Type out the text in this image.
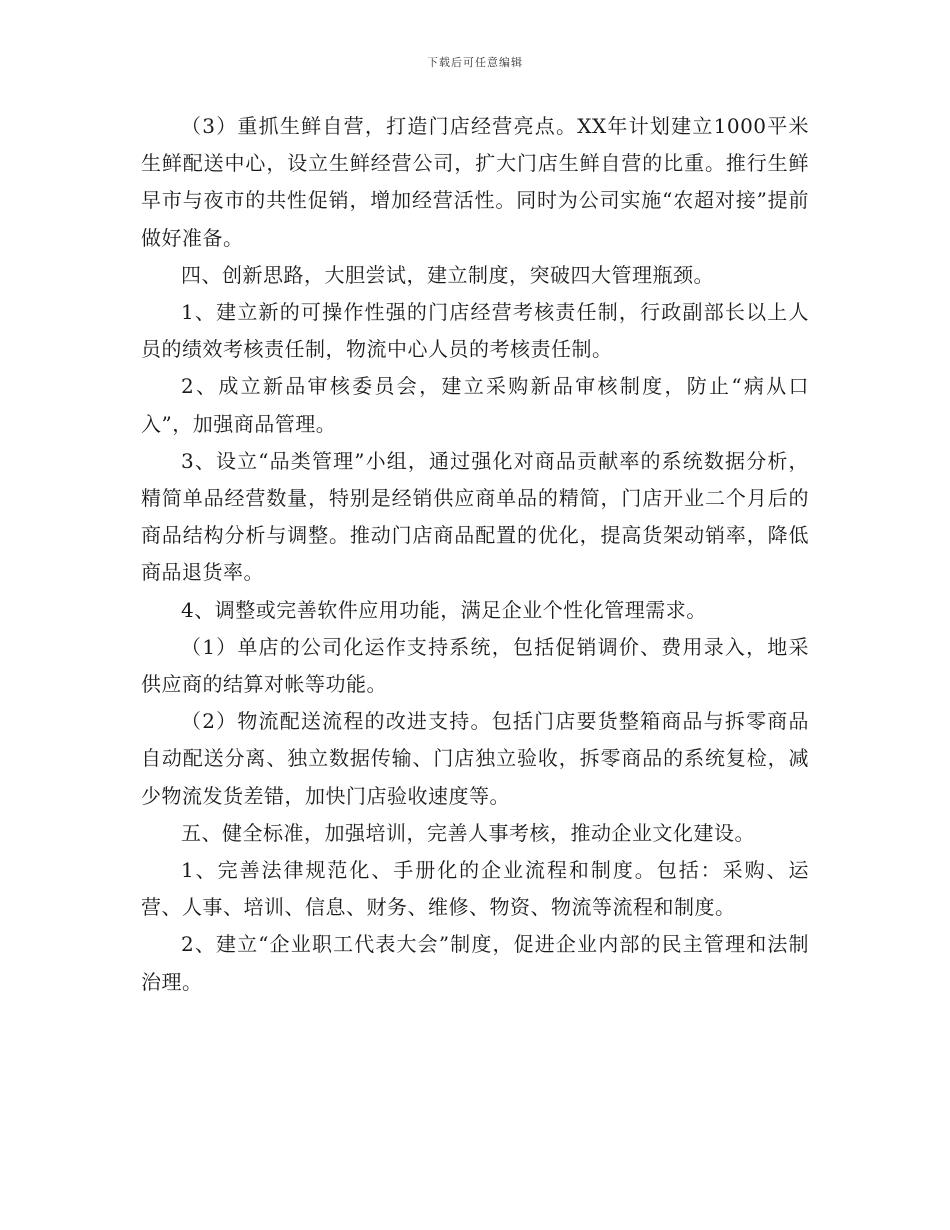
下载后可任意编辑

（3）重抓生鲜自营，打造门店经营亮点。XX年计划建立1000平米生鲜配送中心，设立生鲜经营公司，扩大门店生鲜自营的比重。推行生鲜早市与夜市的共性促销，增加经营活性。同时为公司实施“农超对接”提前做好准备。

四、创新思路，大胆尝试，建立制度，突破四大管理瓶颈。

1、建立新的可操作性强的门店经营考核责任制，行政副部长以上人员的绩效考核责任制，物流中心人员的考核责任制。

2、成立新品审核委员会，建立采购新品审核制度，防止“病从口入”，加强商品管理。

3、设立“品类管理”小组，通过强化对商品贡献率的系统数据分析，精简单品经营数量，特别是经销供应商单品的精简，门店开业二个月后的商品结构分析与调整。推动门店商品配置的优化，提高货架动销率，降低商品退货率。

4、调整或完善软件应用功能，满足企业个性化管理需求。

（1）单店的公司化运作支持系统，包括促销调价、费用录入，地采供应商的结算对帐等功能。

（2）物流配送流程的改进支持。包括门店要货整箱商品与拆零商品自动配送分离、独立数据传输、门店独立验收，拆零商品的系统复检，减少物流发货差错，加快门店验收速度等。

五、健全标准，加强培训，完善人事考核，推动企业文化建设。

1、完善法律规范化、手册化的企业流程和制度。包括：采购、运营、人事、培训、信息、财务、维修、物资、物流等流程和制度。

2、建立“企业职工代表大会”制度，促进企业内部的民主管理和法制治理。
